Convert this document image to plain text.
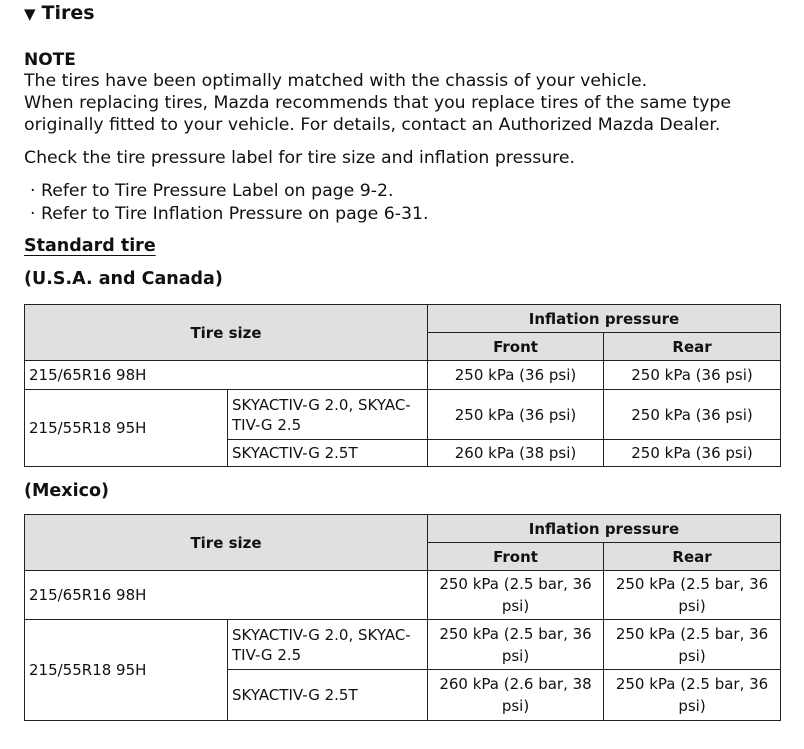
▼ Tires
NOTE
The tires have been optimally matched with the chassis of your vehicle.
When replacing tires, Mazda recommends that you replace tires of the same type
originally fitted to your vehicle. For details, contact an Authorized Mazda Dealer.
Check the tire pressure label for tire size and inflation pressure.
· Refer to Tire Pressure Label on page 9-2.
· Refer to Tire Inflation Pressure on page 6-31.
Standard tire
(U.S.A. and Canada)
Tire size		Inflation pressure	
		Front	Rear
215/65R16 98H		250 kPa (36 psi)	250 kPa (36 psi)
215/55R18 95H	SKYACTIV-G 2.0, SKYAC-
TIV-G 2.5	250 kPa (36 psi)	250 kPa (36 psi)
	SKYACTIV-G 2.5T	260 kPa (38 psi)	250 kPa (36 psi)
(Mexico)
Tire size		Inflation pressure	
		Front	Rear
215/65R16 98H		250 kPa (2.5 bar, 36
psi)	250 kPa (2.5 bar, 36
psi)
215/55R18 95H	SKYACTIV-G 2.0, SKYAC-
TIV-G 2.5	250 kPa (2.5 bar, 36
psi)	250 kPa (2.5 bar, 36
psi)
	SKYACTIV-G 2.5T	260 kPa (2.6 bar, 38
psi)	250 kPa (2.5 bar, 36
psi)
